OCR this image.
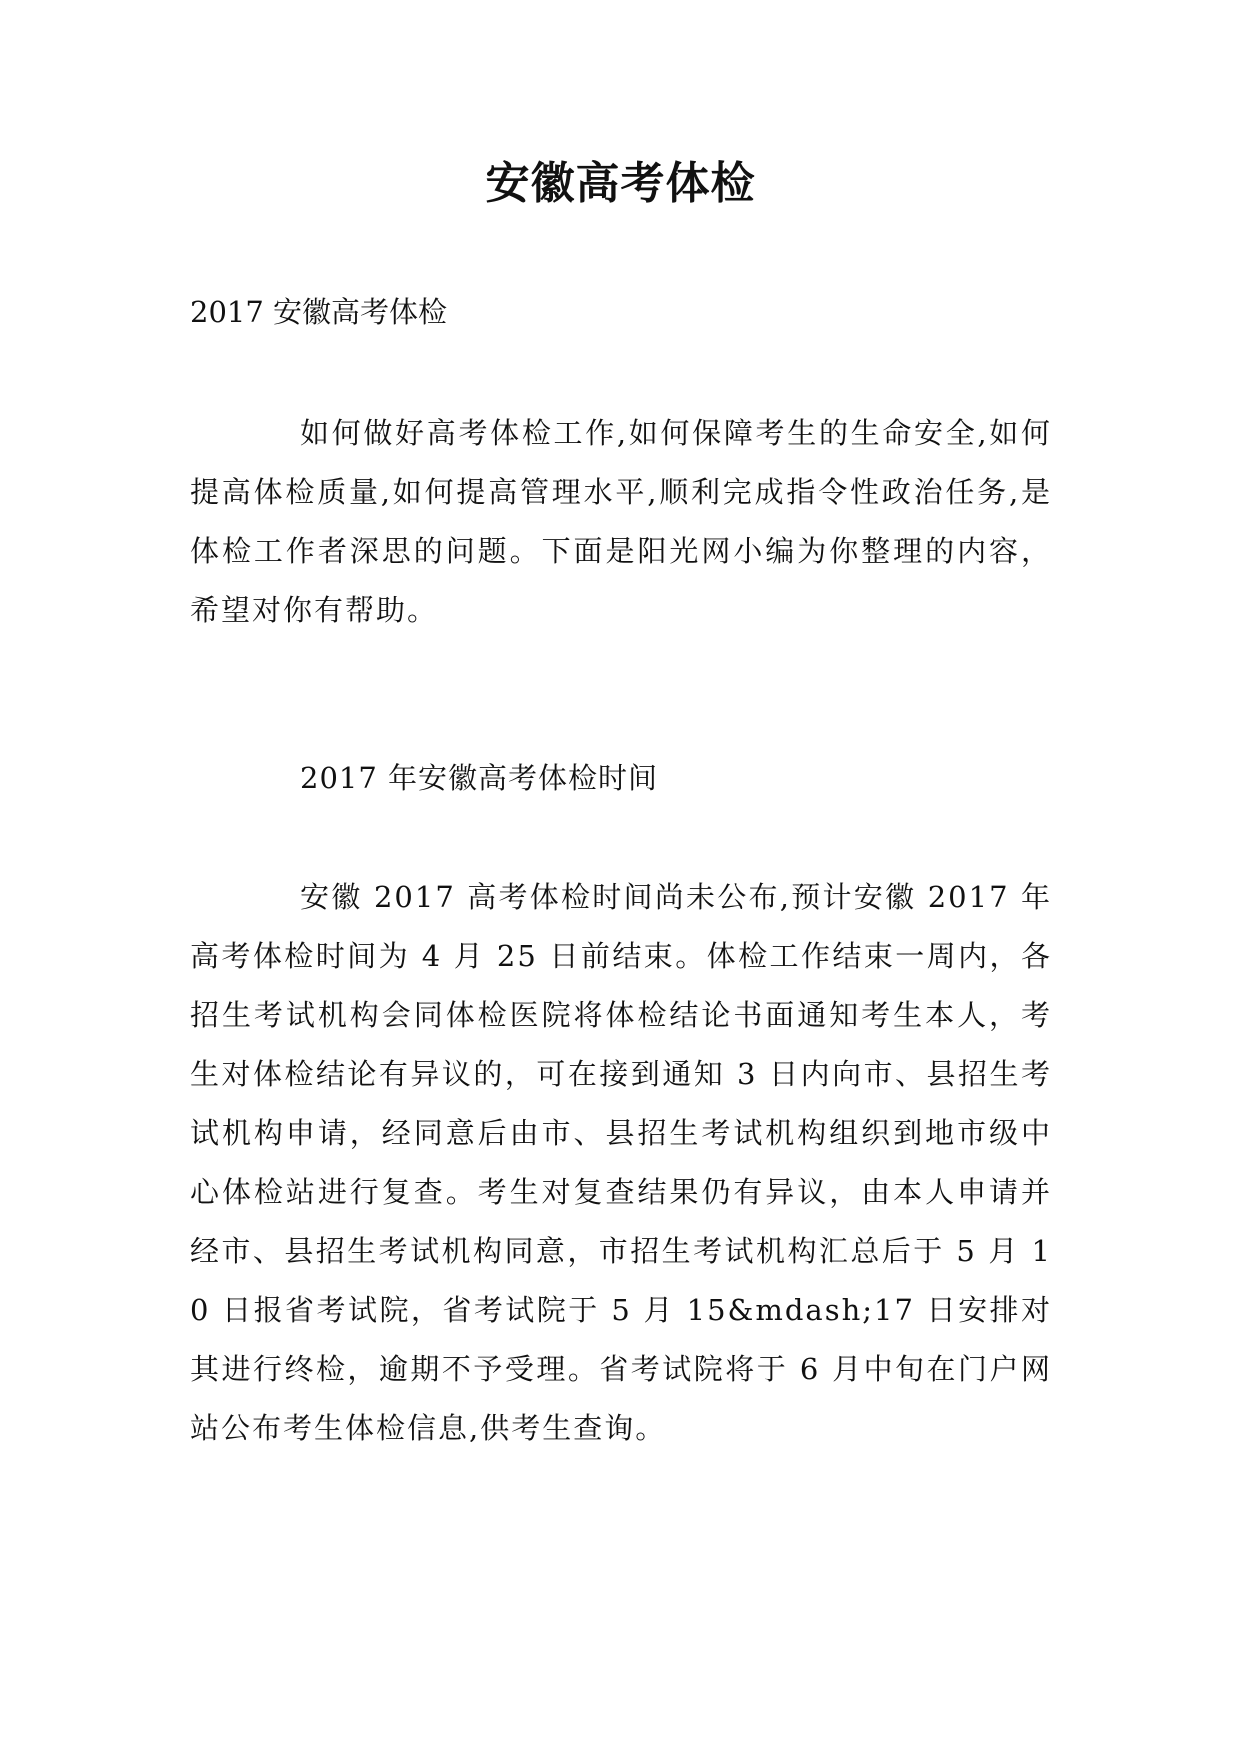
安徽高考体检

2017 安徽高考体检

如何做好高考体检工作,如何保障考生的生命安全,如何提高体检质量,如何提高管理水平,顺利完成指令性政治任务,是体检工作者深思的问题。下面是阳光网小编为你整理的内容，希望对你有帮助。

2017 年安徽高考体检时间

安徽 2017 高考体检时间尚未公布,预计安徽 2017 年高考体检时间为 4 月 25 日前结束。体检工作结束一周内，各招生考试机构会同体检医院将体检结论书面通知考生本人，考生对体检结论有异议的，可在接到通知 3 日内向市、县招生考试机构申请，经同意后由市、县招生考试机构组织到地市级中心体检站进行复查。考生对复查结果仍有异议，由本人申请并经市、县招生考试机构同意，市招生考试机构汇总后于 5 月 10 日报省考试院，省考试院于 5 月 15&mdash;17 日安排对其进行终检，逾期不予受理。省考试院将于 6 月中旬在门户网站公布考生体检信息,供考生查询。
